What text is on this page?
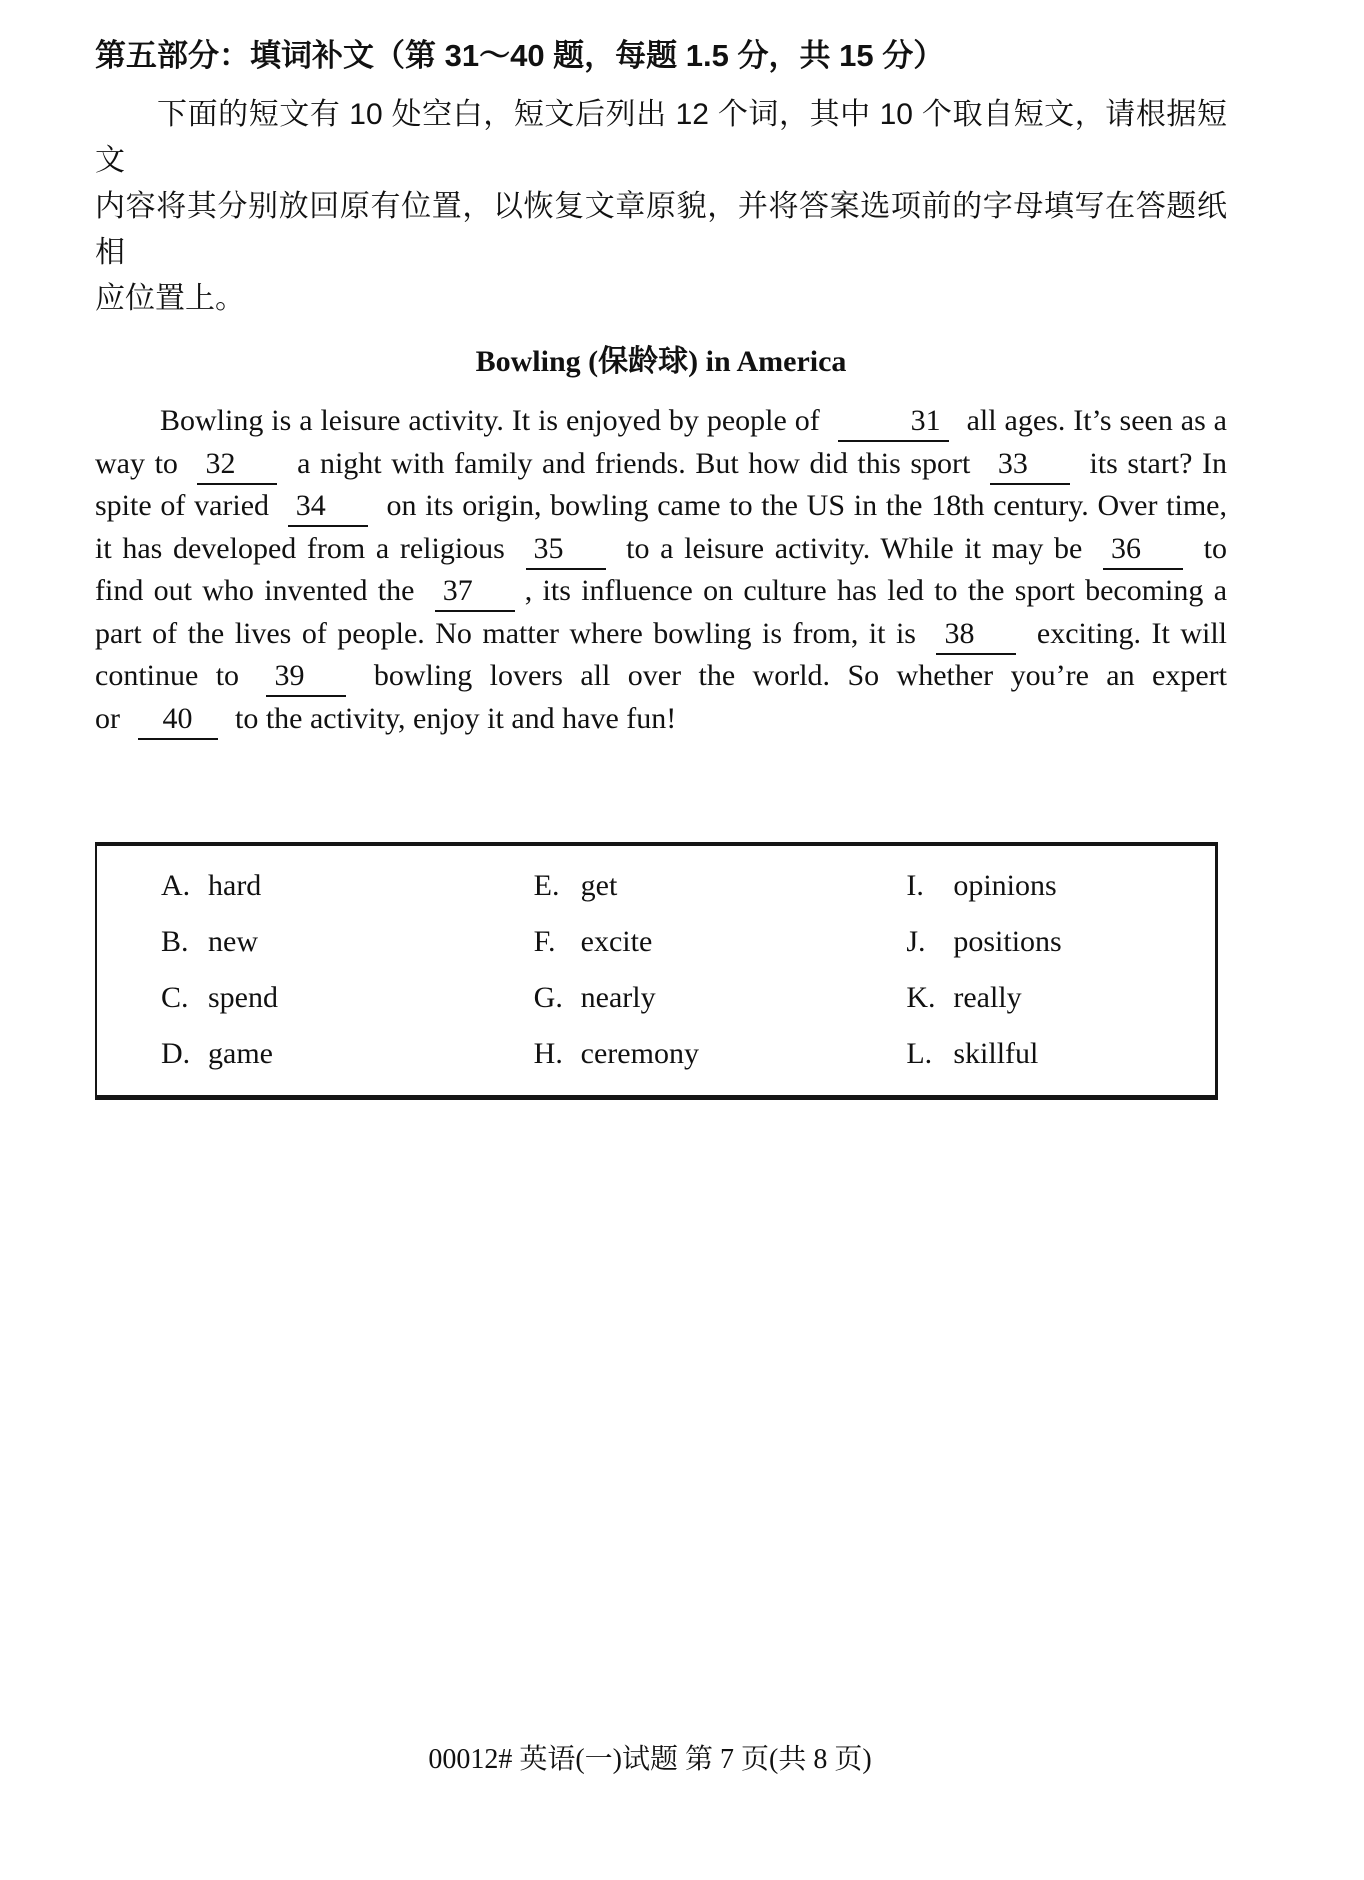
第五部分：填词补文（第 31～40 题，每题 1.5 分，共 15 分）
下面的短文有 10 处空白，短文后列出 12 个词，其中 10 个取自短文，请根据短文
内容将其分别放回原有位置，以恢复文章原貌，并将答案选项前的字母填写在答题纸相
应位置上。
Bowling (保龄球) in America
Bowling is a leisure activity. It is enjoyed by people of	31 all ages. It’s seen as a
way to 32 a night with family and friends. But how did this sport 33 its start? In
spite of varied 34 on its origin, bowling came to the US in the 18th century. Over time,
it has developed from a religious 35 to a leisure activity. While it may be 36 to
find out who invented the 37 , its influence on culture has led to the sport becoming a
part of the lives of people. No matter where bowling is from, it is 38 exciting. It will
continue to 39 bowling lovers all over the world. So whether you’re an expert
or 40 to the activity, enjoy it and have fun!
A. hard
B. new
C. spend
D. game
E. get
F. excite
G. nearly
H. ceremony
I. opinions
J. positions
K. really
L. skillful
00012# 英语(一)试题 第 7 页(共 8 页)
